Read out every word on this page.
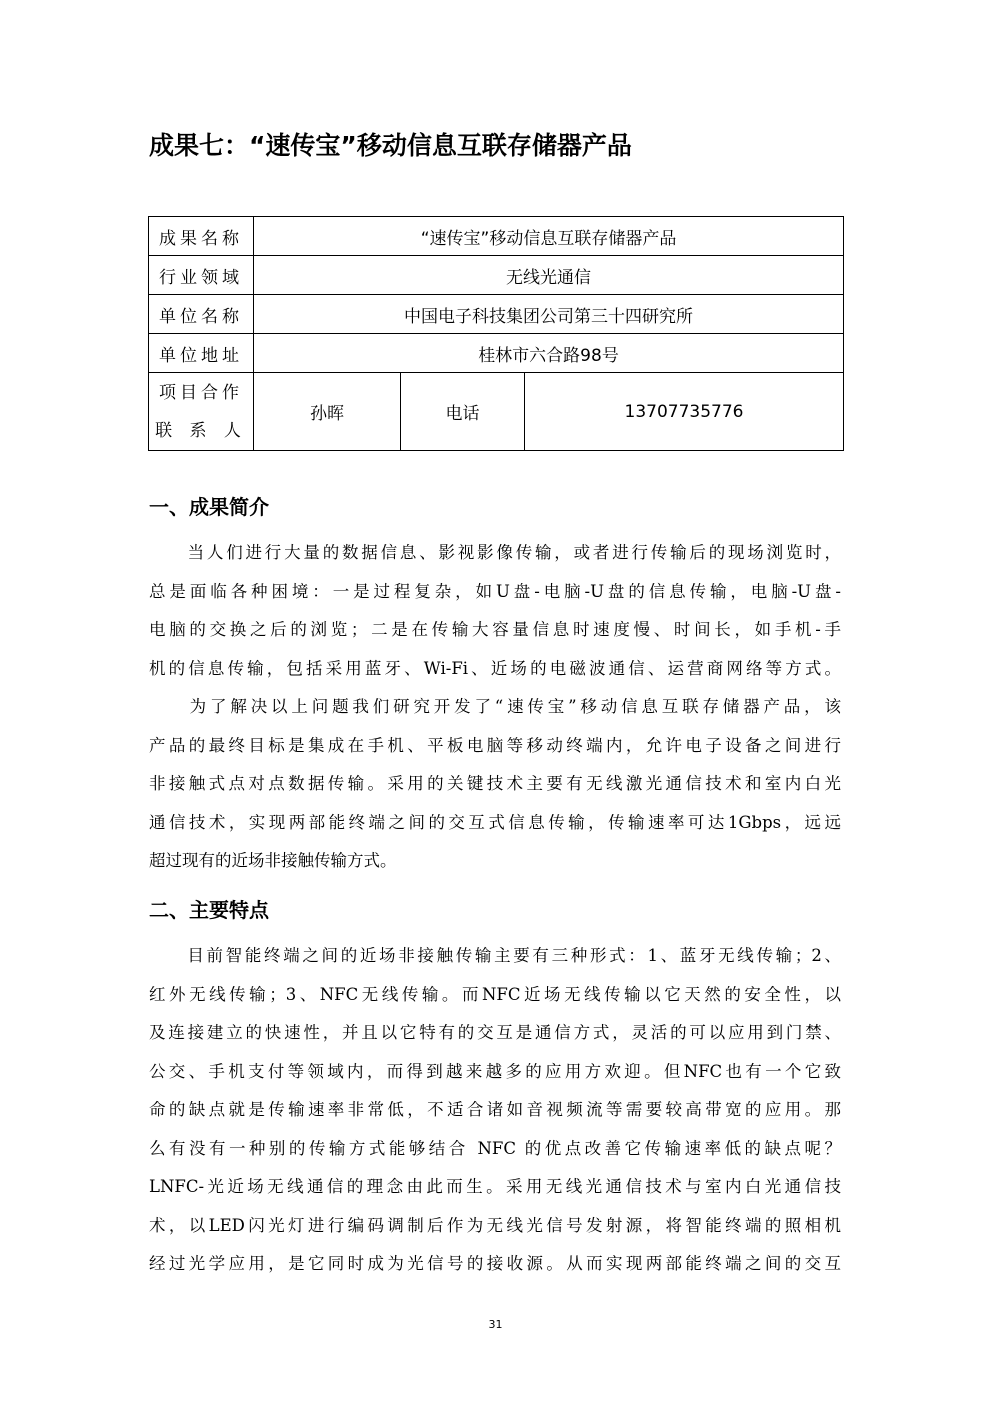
成果七：“速传宝”移动信息互联存储器产品
成果名称	“速传宝”移动信息互联存储器产品		
行业领域	无线光通信		
单位名称	中国电子科技集团公司第三十四研究所		
单位地址	桂林市六合路98号		

项目合作
联 系 人	孙晖	电话	13707735776
一、成果简介
　　当人们进行大量的数据信息、影视影像传输，或者进行传输后的现场浏览时，
总是面临各种困境：一是过程复杂，如U盘-电脑-U盘的信息传输，电脑-U盘-
电脑的交换之后的浏览；二是在传输大容量信息时速度慢、时间长，如手机-手
机的信息传输，包括采用蓝牙、Wi-Fi、近场的电磁波通信、运营商网络等方式。
　　为了解决以上问题我们研究开发了“速传宝”移动信息互联存储器产品，该
产品的最终目标是集成在手机、平板电脑等移动终端内，允许电子设备之间进行
非接触式点对点数据传输。采用的关键技术主要有无线激光通信技术和室内白光
通信技术，实现两部能终端之间的交互式信息传输，传输速率可达1Gbps，远远
超过现有的近场非接触传输方式。
二、主要特点
　　目前智能终端之间的近场非接触传输主要有三种形式：1、蓝牙无线传输；2、
红外无线传输；3、NFC无线传输。而NFC近场无线传输以它天然的安全性，以
及连接建立的快速性，并且以它特有的交互是通信方式，灵活的可以应用到门禁、
公交、手机支付等领域内，而得到越来越多的应用方欢迎。但NFC也有一个它致
命的缺点就是传输速率非常低，不适合诸如音视频流等需要较高带宽的应用。那
么有没有一种别的传输方式能够结合 NFC 的优点改善它传输速率低的缺点呢？
LNFC-光近场无线通信的理念由此而生。采用无线光通信技术与室内白光通信技
术，以LED闪光灯进行编码调制后作为无线光信号发射源，将智能终端的照相机
经过光学应用，是它同时成为光信号的接收源。从而实现两部能终端之间的交互
31
